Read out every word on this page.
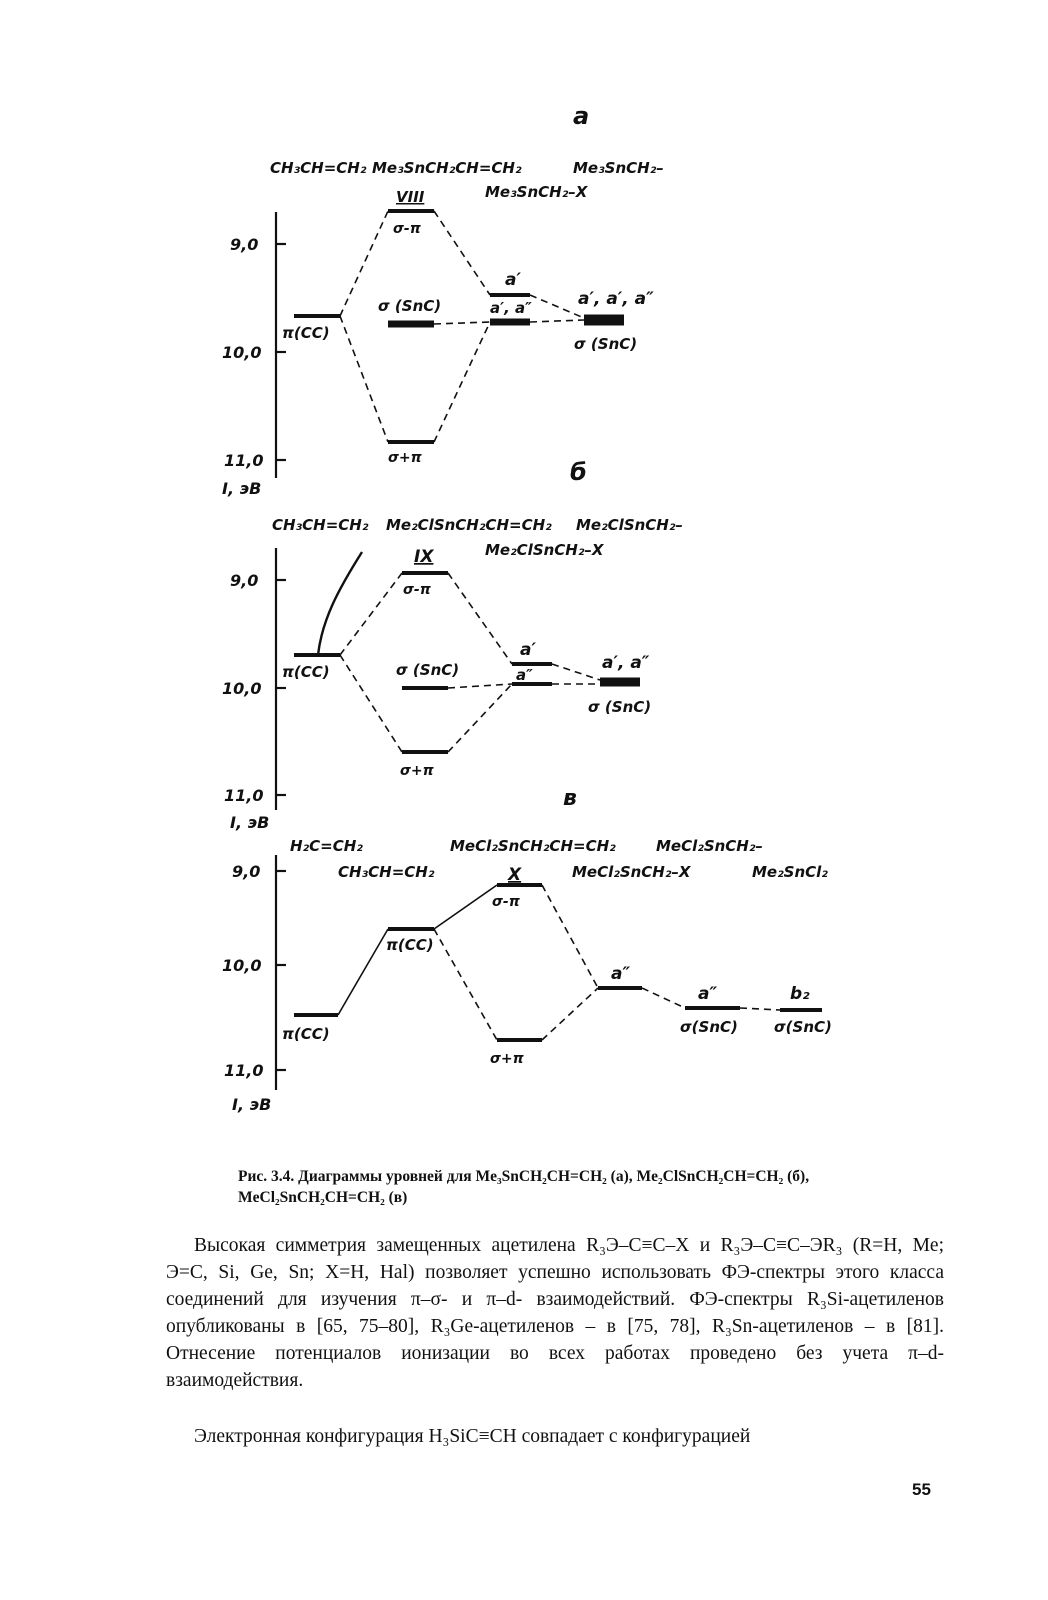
а
CH₃CH=CH₂ Me₃SnCH₂CH=CH₂	Me₃SnCH₂–
Me₃SnCH₂–X
VIII
9,0
10,0
11,0
I, эВ
π(CC)
σ-π
σ (SnC)
σ+π
a′
a′, a″	a′, a′, a″
σ (SnC)
б
CH₃CH=CH₂ Me₂ClSnCH₂CH=CH₂ Me₂ClSnCH₂–
Me₂ClSnCH₂–X
IX
9,0
10,0
11,0
I, эВ
π(CC)
σ-π
σ (SnC)
σ+π
a′
a″
a′, a″
σ (SnC)
в
H₂C=CH₂
CH₃CH=CH₂
MeCl₂SnCH₂CH=CH₂	MeCl₂SnCH₂–
MeCl₂SnCH₂–X	Me₂SnCl₂
X
9,0
10,0
11,0
I, эВ
π(CC)
π(CC)
σ-π
σ+π
a″
a″	b₂
σ(SnC) σ(SnC)
Рис. 3.4. Диаграммы уровней для Me₃SnCH₂CH=CH₂ (а), Me₂ClSnCH₂CH=CH₂ (б), MeCl₂SnCH₂CH=CH₂ (в)

Высокая симметрия замещенных ацетилена R₃Э–C≡C–X и R₃Э–C≡C–ЭR₃ (R=H, Me; Э=C, Si, Ge, Sn; X=H, Hal) позволяет успешно использовать ФЭ-спектры этого класса соединений для изучения π–σ- и π–d- взаимодействий. ФЭ-спектры R₃Si-ацетиленов опубликованы в [65, 75–80], R₃Ge-ацетиленов – в [75, 78], R₃Sn-ацетиленов – в [81]. Отнесение потенциалов ионизации во всех работах проведено без учета π–d-взаимодействия.

Электронная конфигурация H₃SiC≡CH совпадает с конфигурацией

55
